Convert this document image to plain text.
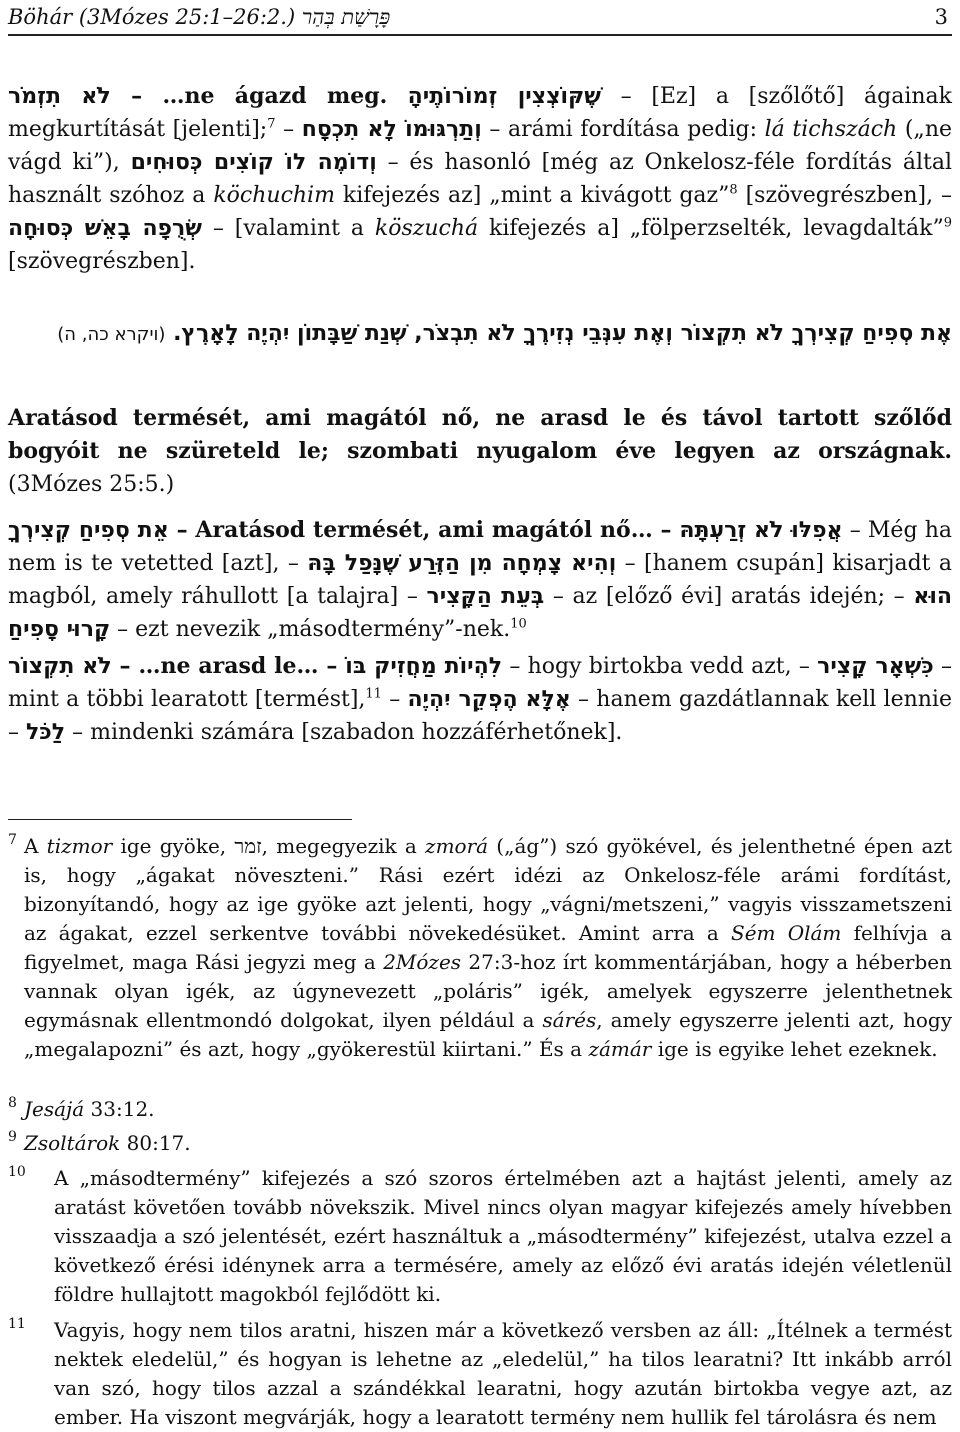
Böhár (3Mózes 25:1–26:2.) פָּרָשַׁת בְּהַר	3
לֹא תִזְמֹר – …ne ágazd meg. שֶׁקּוֹצְצִין זְמוֹרוֹתֶיהָ – [Ez] a [szőlőtő] ágainak megkurtítását [jelenti];$^7$ – וְתַרְגּוּמוֹ לָא תִכְסָח – arámi fordítása pedig: lá tichszách („ne vágd ki”), וְדוֹמֶה לוֹ קוֹצִים כְּסוּחִים – és hasonló [még az Onkelosz-féle fordítás által használt szóhoz a köchuchim kifejezés az] „mint a kivágott gaz”$^8$ [szövegrészben], – שְׂרֻפָה בָאֵשׁ כְּסוּחָה – [valamint a köszuchá kifejezés a] „fölperzselték, levagdalták”$^9$ [szövegrészben].
אֶת סְפִיחַ קְצִירְךָ לֹא תִקְצוֹר וְאֶת עִנְּבֵי נְזִירֶךָ לֹא תִבְצֹר, שְׁנַת שַׁבָּתוֹן יִהְיֶה לָאָרֶץ. (ויקרא כה, ה)
Aratásod termését, ami magától nő, ne arasd le és távol tartott szőlőd bogyóit ne szüreteld le; szombati nyugalom éve legyen az országnak. (3Mózes 25:5.)
אֵת סְפִיחַ קְצִירְךָ – Aratásod termését, ami magától nő… – אֲפִלּוּ לֹא זְרַעְתָּהּ – Még ha nem is te vetetted [azt], – וְהִיא צָמְחָה מִן הַזֶּרַע שֶׁנָּפַל בָּהּ – [hanem csupán] kisarjadt a magból, amely ráhullott [a talajra] – בְּעֵת הַקָּצִיר – az [előző évi] aratás idején; – הוּא קָרוּי סָפִיחַ – ezt nevezik „másodtermény”-nek.$^{10}$
לֹא תִקְצוֹר – …ne arasd le… – לִהְיוֹת מַחֲזִיק בּוֹ – hogy birtokba vedd azt, – כִּשְׁאָר קָצִיר – mint a többi learatott [termést],$^{11}$ – אֶלָּא הֶפְקֵר יִהְיֶה – hanem gazdátlannak kell lennie – לַכֹּל – mindenki számára [szabadon hozzáférhetőnek].
7 A tizmor ige gyöke, זמר, megegyezik a zmorá („ág”) szó gyökével, és jelenthetné épen azt is, hogy „ágakat növeszteni.” Rási ezért idézi az Onkelosz-féle arámi fordítást, bizonyítandó, hogy az ige gyöke azt jelenti, hogy „vágni/metszeni,” vagyis visszametszeni az ágakat, ezzel serkentve további növekedésüket. Amint arra a Sém Olám felhívja a figyelmet, maga Rási jegyzi meg a 2Mózes 27:3-hoz írt kommentárjában, hogy a héberben vannak olyan igék, az úgynevezett „poláris” igék, amelyek egyszerre jelenthetnek egymásnak ellentmondó dolgokat, ilyen például a sárés, amely egyszerre jelenti azt, hogy „megalapozni” és azt, hogy „gyökerestül kiirtani.” És a zámár ige is egyike lehet ezeknek.
8 Jesájá 33:12.
9 Zsoltárok 80:17.
10 A „másodtermény” kifejezés a szó szoros értelmében azt a hajtást jelenti, amely az aratást követően tovább növekszik. Mivel nincs olyan magyar kifejezés amely hívebben visszaadja a szó jelentését, ezért használtuk a „másodtermény” kifejezést, utalva ezzel a következő érési idénynek arra a termésére, amely az előző évi aratás idején véletlenül földre hullajtott magokból fejlődött ki.
11 Vagyis, hogy nem tilos aratni, hiszen már a következő versben az áll: „Ítélnek a termést nektek eledelül,” és hogyan is lehetne az „eledelül,” ha tilos learatni? Itt inkább arról van szó, hogy tilos azzal a szándékkal learatni, hogy azután birtokba vegye azt, az ember. Ha viszont megvárják, hogy a learatott termény nem hullik fel tárolásra és nem
